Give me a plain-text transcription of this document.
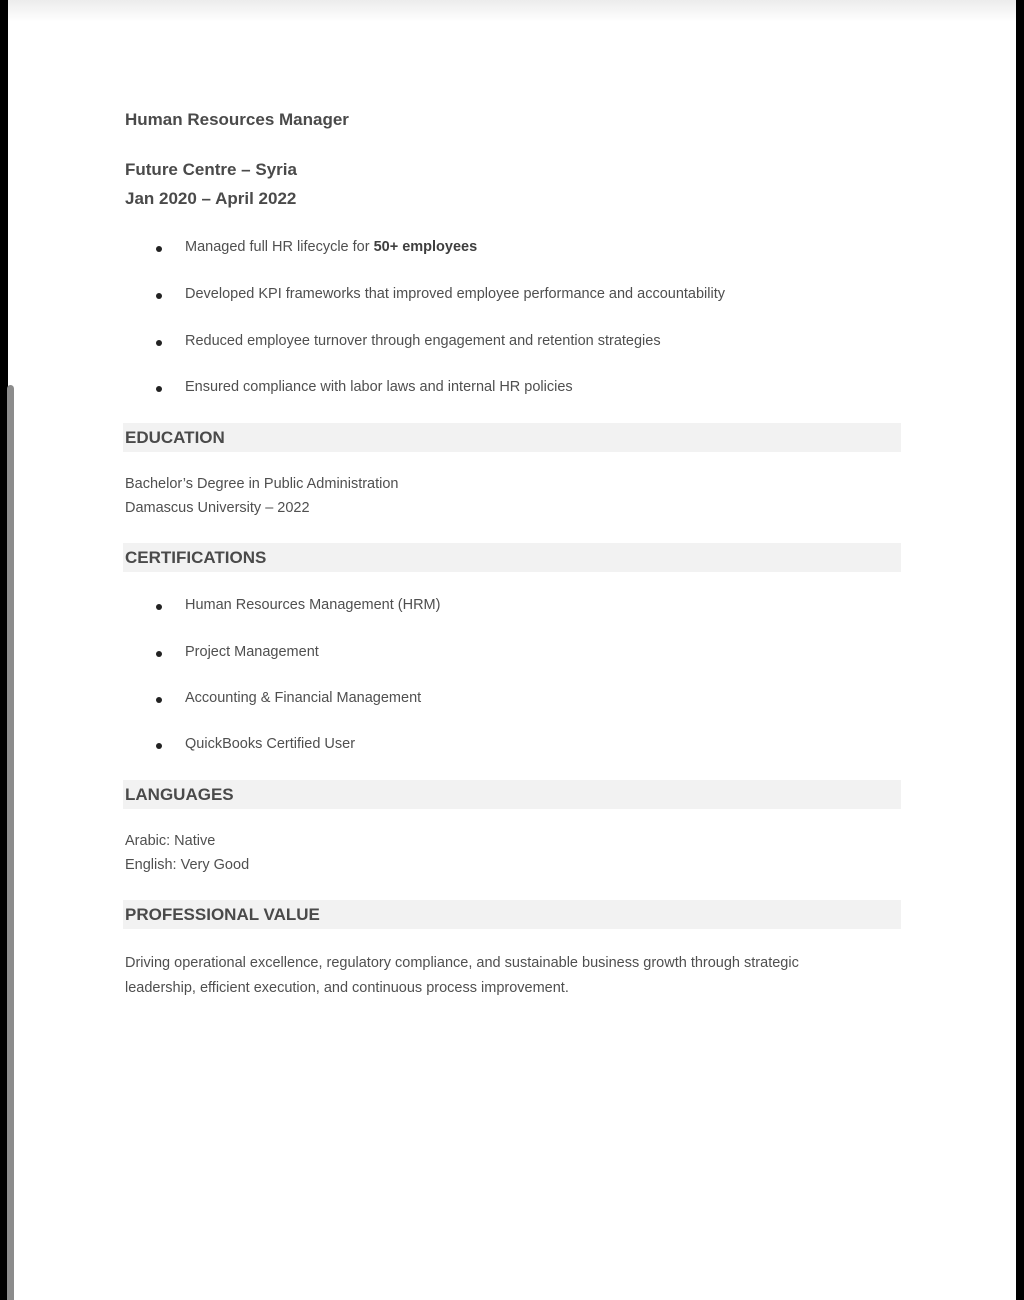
Human Resources Manager
Future Centre – Syria
Jan 2020 – April 2022
Managed full HR lifecycle for 50+ employees
Developed KPI frameworks that improved employee performance and accountability
Reduced employee turnover through engagement and retention strategies
Ensured compliance with labor laws and internal HR policies
EDUCATION
Bachelor’s Degree in Public Administration
Damascus University – 2022
CERTIFICATIONS
Human Resources Management (HRM)
Project Management
Accounting & Financial Management
QuickBooks Certified User
LANGUAGES
Arabic: Native
English: Very Good
PROFESSIONAL VALUE
Driving operational excellence, regulatory compliance, and sustainable business growth through strategic leadership, efficient execution, and continuous process improvement.
